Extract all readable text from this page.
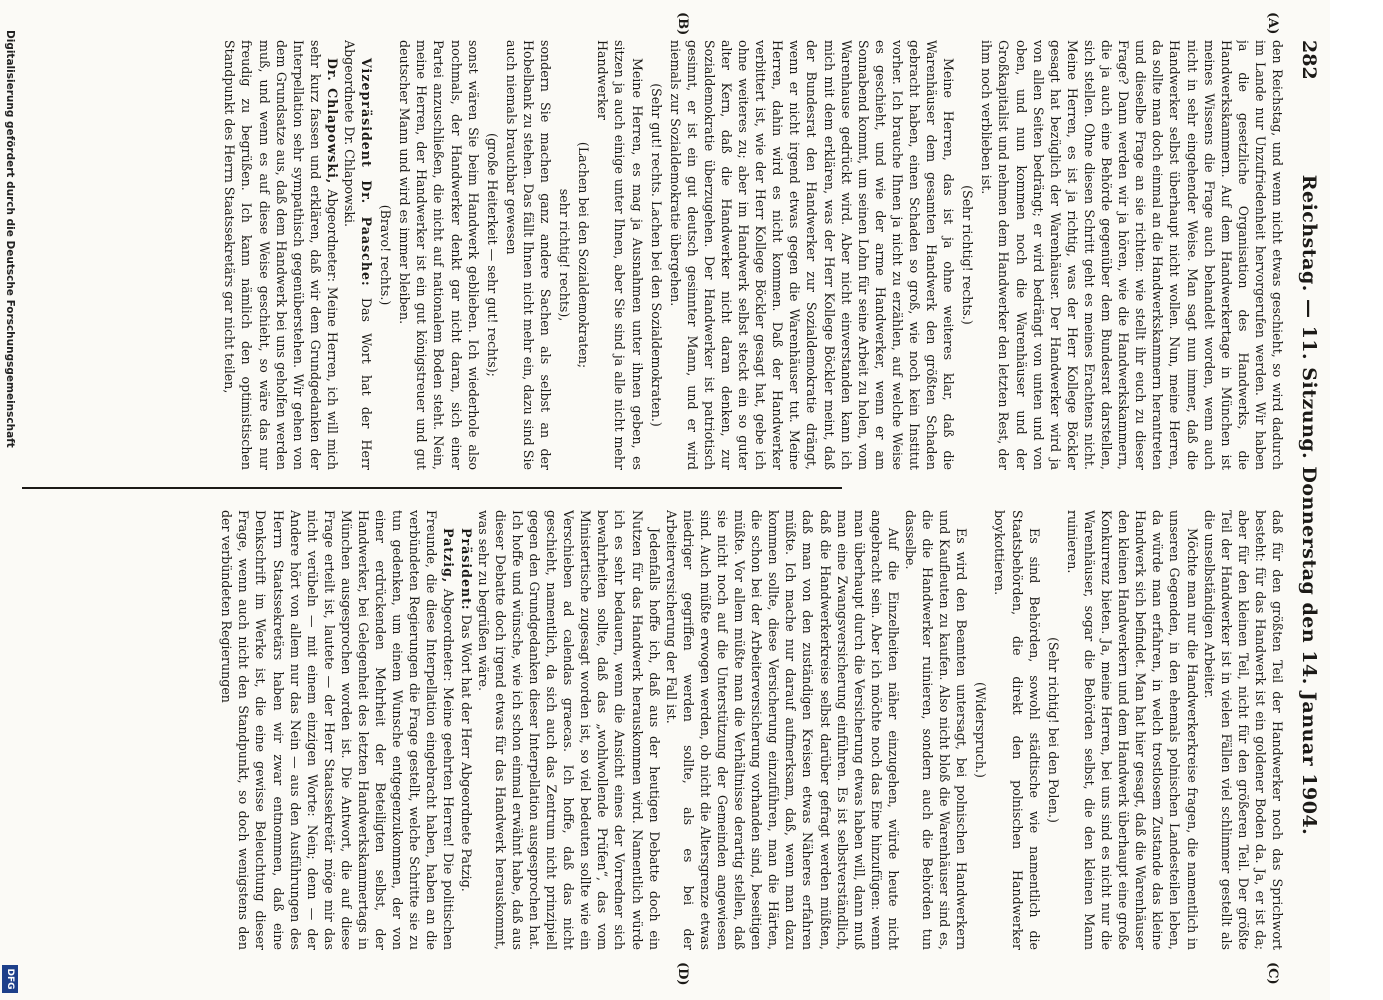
282
Reichstag. — 11. Sitzung. Donnerstag den 14. Januar 1904.
(A)
(B)
(C)
(D)

den Reichstag, und wenn nicht etwas geschieht, so wird dadurch im Lande nur Unzufriedenheit hervorgerufen werden. Wir haben ja die gesetzliche Organisation des Handwerks, die Handwerkskammern. Auf dem Handwerkertage in München ist meines Wissens die Frage auch behandelt worden, wenn auch nicht in sehr eingehender Weise. Man sagt nun immer, daß die Handwerker selbst überhaupt nicht wollen. Nun, meine Herren, da sollte man doch einmal an die Handwerkskammern herantreten und dieselbe Frage an sie richten: wie stellt ihr euch zu dieser Frage? Dann werden wir ja hören, wie die Handwerkskammern, die ja auch eine Behörde gegenüber dem Bundesrat darstellen, sich stellen. Ohne diesen Schritt geht es meines Erachtens nicht. Meine Herren, es ist ja richtig, was der Herr Kollege Böckler gesagt hat bezüglich der Warenhäuser. Der Handwerker wird ja von allen Seiten bedrängt; er wird bedrängt von unten und von oben, und nun kommen noch die Warenhäuser und der Großkapitalist und nehmen dem Handwerker den letzten Rest, der ihm noch verblieben ist.

(Sehr richtig! rechts.)

Meine Herren, das ist ja ohne weiteres klar, daß die Warenhäuser dem gesamten Handwerk den größten Schaden gebracht haben, einen Schaden so groß, wie noch kein Institut vorher. Ich brauche Ihnen ja nicht zu erzählen, auf welche Weise es geschieht, und wie der arme Handwerker, wenn er am Sonnabend kommt, um seinen Lohn für seine Arbeit zu holen, vom Warenhause gedrückt wird. Aber nicht einverstanden kann ich mich mit dem erklären, was der Herr Kollege Böckler meint, daß der Bundesrat den Handwerker zur Sozialdemokratie drängt, wenn er nicht irgend etwas gegen die Warenhäuser tut. Meine Herren, dahin wird es nicht kommen. Daß der Handwerker verbittert ist, wie der Herr Kollege Böckler gesagt hat, gebe ich ohne weiteres zu; aber im Handwerk selbst steckt ein so guter alter Kern, daß die Handwerker nicht daran denken, zur Sozialdemokratie überzugehen. Der Handwerker ist patriotisch gesinnt, er ist ein gut deutsch gesinnter Mann, und er wird niemals zur Sozialdemokratie übergehen.

(Sehr gut! rechts. Lachen bei den Sozialdemokraten.)

Meine Herren, es mag ja Ausnahmen unter ihnen geben, es sitzen ja auch einige unter Ihnen, aber Sie sind ja alle nicht mehr Handwerker

(Lachen bei den Sozialdemokraten;

sehr richtig! rechts),

sondern Sie machen ganz andere Sachen als selbst an der Hobelbank zu stehen. Das fällt Ihnen nicht mehr ein, dazu sind Sie auch niemals brauchbar gewesen

(große Heiterkeit — sehr gut! rechts);

sonst wären Sie beim Handwerk geblieben. Ich wiederhole also nochmals, der Handwerker denkt gar nicht daran, sich einer Partei anzuschließen, die nicht auf nationalem Boden steht. Nein, meine Herren, der Handwerker ist ein gut königstreuer und gut deutscher Mann und wird es immer bleiben.

(Bravo! rechts.)

Vizepräsident Dr. Paasche: Das Wort hat der Herr Abgeordnete Dr. Chlapowski.

Dr. Chlapowski, Abgeordneter: Meine Herren, ich will mich sehr kurz fassen und erklären, daß wir dem Grundgedanken der Interpellation sehr sympathisch gegenüberstehen. Wir gehen von dem Grundsatze aus, daß dem Handwerk bei uns geholfen werden muß, und wenn es auf diese Weise geschieht, so wäre das nur freudig zu begrüßen. Ich kann nämlich den optimistischen Standpunkt des Herrn Staatssekretärs gar nicht teilen,

daß für den größten Teil der Handwerker noch das Sprichwort besteht: für das Handwerk ist ein goldener Boden da. Ja, er ist da; aber für den kleinen Teil, nicht für den größeren Teil. Der größte Teil der Handwerker ist in vielen Fällen viel schlimmer gestellt als die unselbständigen Arbeiter.

Möchte man nur die Handwerkerkreise fragen, die namentlich in unseren Gegenden, in den ehemals polnischen Landesteilen leben, da würde man erfahren, in welch trostlosem Zustande das kleine Handwerk sich befindet. Man hat hier gesagt, daß die Warenhäuser den kleinen Handwerkern und dem Handwerk überhaupt eine große Konkurrenz bieten. Ja, meine Herren, bei uns sind es nicht nur die Warenhäuser, sogar die Behörden selbst, die den kleinen Mann ruinieren.

(Sehr richtig! bei den Polen.)

Es sind Behörden, sowohl städtische wie namentlich die Staatsbehörden, die direkt den polnischen Handwerker boykottieren.

(Widerspruch.)

Es wird den Beamten untersagt, bei polnischen Handwerkern und Kaufleuten zu kaufen. Also nicht bloß die Warenhäuser sind es, die die Handwerker ruinieren, sondern auch die Behörden tun dasselbe.

Auf die Einzelheiten näher einzugehen, würde heute nicht angebracht sein. Aber ich möchte noch das Eine hinzufügen: wenn man überhaupt durch die Versicherung etwas haben will, dann muß man eine Zwangsversicherung einführen. Es ist selbstverständlich, daß die Handwerkerkreise selbst darüber gefragt werden müßten, daß man von den zuständigen Kreisen etwas Näheres erfahren müßte. Ich mache nur darauf aufmerksam, daß, wenn man dazu kommen sollte, diese Versicherung einzuführen, man die Härten, die schon bei der Arbeiterversicherung vorhanden sind, beseitigen müßte. Vor allem müßte man die Verhältnisse derartig stellen, daß sie nicht noch auf die Unterstützung der Gemeinden angewiesen sind. Auch müßte erwogen werden, ob nicht die Altersgrenze etwas niedriger gegriffen werden sollte, als es bei der Arbeiterversicherung der Fall ist.

Jedenfalls hoffe ich, daß aus der heutigen Debatte doch ein Nutzen für das Handwerk herauskommen wird. Namentlich würde ich es sehr bedauern, wenn die Ansicht eines der Vorredner sich bewahrheiten sollte, daß das „wohlwollende Prüfen“, das vom Ministertische zugesagt worden ist, so viel bedeuten sollte wie ein Verschieben ad calendas graecas. Ich hoffe, daß das nicht geschieht, namentlich, da sich auch das Zentrum nicht prinzipiell gegen den Grundgedanken dieser Interpellation ausgesprochen hat. Ich hoffe und wünsche, wie ich schon einmal erwähnt habe, daß aus dieser Debatte doch irgend etwas für das Handwerk herauskommt, was sehr zu begrüßen wäre.

Präsident: Das Wort hat der Herr Abgeordnete Patzig.

Patzig, Abgeordneter: Meine geehrten Herren! Die politischen Freunde, die diese Interpellation eingebracht haben, haben an die verbündeten Regierungen die Frage gestellt, welche Schritte sie zu tun gedenken, um einem Wunsche entgegenzukommen, der von einer erdrückenden Mehrheit der Beteiligten selbst, der Handwerker, bei Gelegenheit des letzten Handwerkskammertags in München ausgesprochen worden ist. Die Antwort, die auf diese Frage erteilt ist, lautete — der Herr Staatssekretär möge mir das nicht verübeln — mit einem einzigen Worte: Nein; denn — der Andere hört von allem nur das Nein — aus den Ausführungen des Herrn Staatssekretärs haben wir zwar entnommen, daß eine Denkschrift im Werke ist, die eine gewisse Beleuchtung dieser Frage, wenn auch nicht den Standpunkt, so doch wenigstens den der verbündeten Regierungen

Digitalisierung gefördert durch die Deutsche Forschungsgemeinschaft
DFG
